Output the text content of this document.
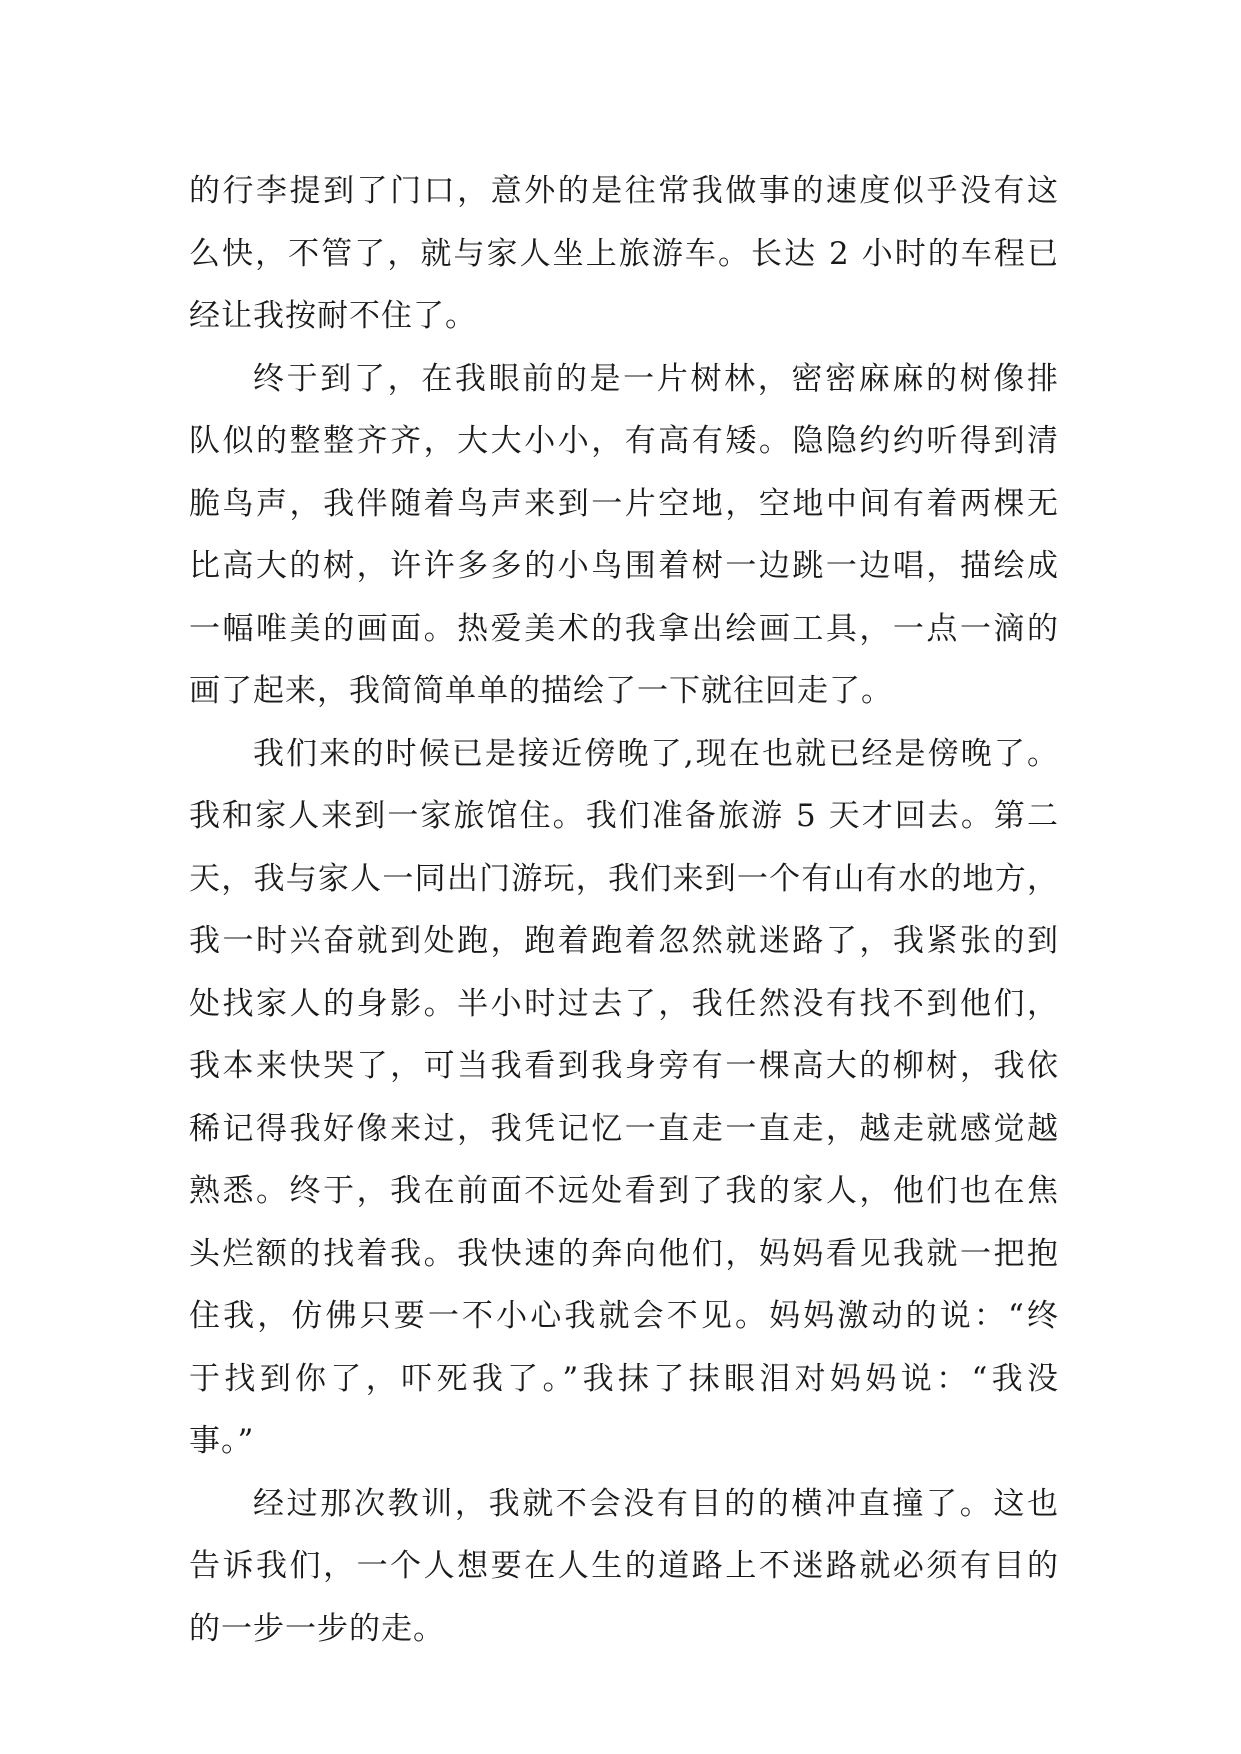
的行李提到了门口，意外的是往常我做事的速度似乎没有这
么快，不管了，就与家人坐上旅游车。长达 2 小时的车程已
经让我按耐不住了。
终于到了，在我眼前的是一片树林，密密麻麻的树像排
队似的整整齐齐，大大小小，有高有矮。隐隐约约听得到清
脆鸟声，我伴随着鸟声来到一片空地，空地中间有着两棵无
比高大的树，许许多多的小鸟围着树一边跳一边唱，描绘成
一幅唯美的画面。热爱美术的我拿出绘画工具，一点一滴的
画了起来，我简简单单的描绘了一下就往回走了。
我们来的时候已是接近傍晚了,现在也就已经是傍晚了。
我和家人来到一家旅馆住。我们准备旅游 5 天才回去。第二
天，我与家人一同出门游玩，我们来到一个有山有水的地方，
我一时兴奋就到处跑，跑着跑着忽然就迷路了，我紧张的到
处找家人的身影。半小时过去了，我任然没有找不到他们，
我本来快哭了，可当我看到我身旁有一棵高大的柳树，我依
稀记得我好像来过，我凭记忆一直走一直走，越走就感觉越
熟悉。终于，我在前面不远处看到了我的家人，他们也在焦
头烂额的找着我。我快速的奔向他们，妈妈看见我就一把抱
住我，仿佛只要一不小心我就会不见。妈妈激动的说：“终
于找到你了，吓死我了。”我抹了抹眼泪对妈妈说：“我没
事。”
经过那次教训，我就不会没有目的的横冲直撞了。这也
告诉我们，一个人想要在人生的道路上不迷路就必须有目的
的一步一步的走。
